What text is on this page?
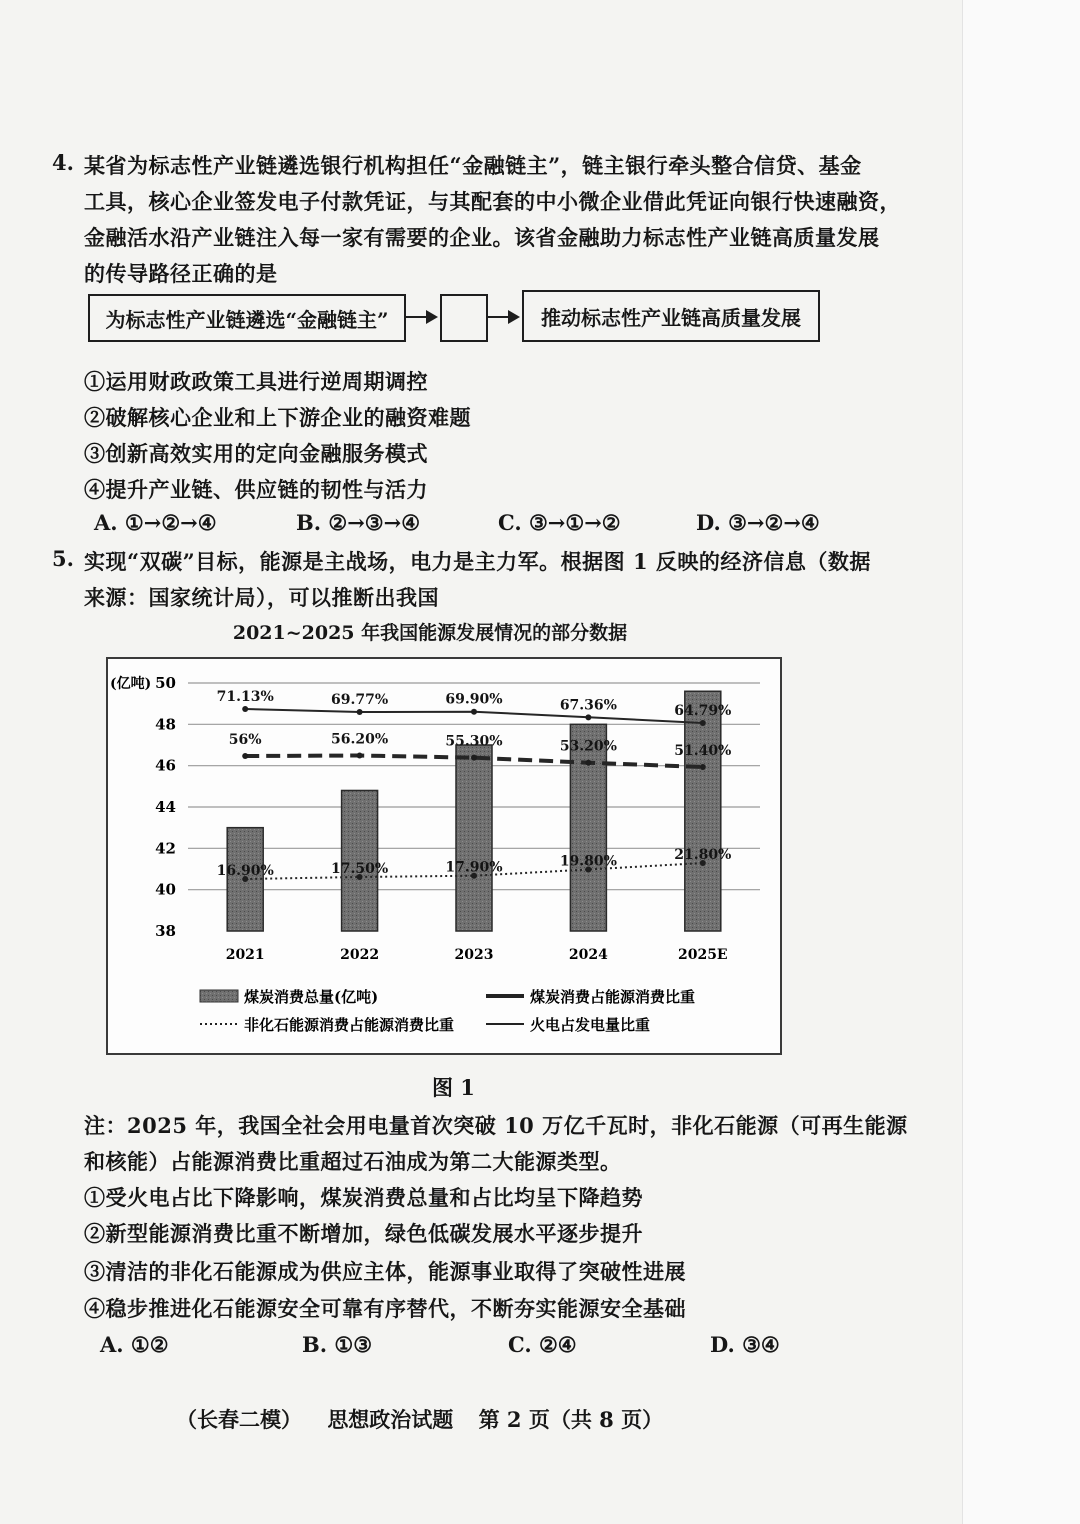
4. 某省为标志性产业链遴选银行机构担任“金融链主”，链主银行牵头整合信贷、基金
工具，核心企业签发电子付款凭证，与其配套的中小微企业借此凭证向银行快速融资，
金融活水沿产业链注入每一家有需要的企业。该省金融助力标志性产业链高质量发展
的传导路径正确的是
为标志性产业链遴选“金融链主”	推动标志性产业链高质量发展
①运用财政政策工具进行逆周期调控
②破解核心企业和上下游企业的融资难题
③创新高效实用的定向金融服务模式
④提升产业链、供应链的韧性与活力
A. ①→②→④	B. ②→③→④	C. ③→①→②	D. ③→②→④
5. 实现“双碳”目标，能源是主战场，电力是主力军。根据图 1 反映的经济信息（数据
来源：国家统计局），可以推断出我国
2021~2025 年我国能源发展情况的部分数据
56%	56.20%	55.30%	53.20%	51.40%
16.90%	17.50%	17.90%	19.80%	21.80%
71.13%	69.77%	69.90%	67.36%	64.79%
38
40
42
44
46
48
50
(亿吨)
2021	2022	2023	2024	2025E
煤炭消费总量(亿吨)	煤炭消费占能源消费比重
非化石能源消费占能源消费比重	火电占发电量比重
图 1
注：2025 年，我国全社会用电量首次突破 10 万亿千瓦时，非化石能源（可再生能源
和核能）占能源消费比重超过石油成为第二大能源类型。
①受火电占比下降影响，煤炭消费总量和占比均呈下降趋势
②新型能源消费比重不断增加，绿色低碳发展水平逐步提升
③清洁的非化石能源成为供应主体，能源事业取得了突破性进展
④稳步推进化石能源安全可靠有序替代，不断夯实能源安全基础
A. ①②	B. ①③	C. ②④	D. ③④
（长春二模） 思想政治试题 第 2 页（共 8 页）
